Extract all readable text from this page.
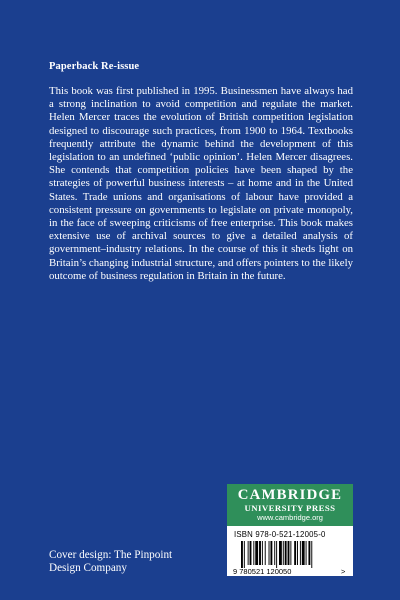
Paperback Re-issue
This book was first published in 1995. Businessmen have always had a strong inclination to avoid competition and regulate the market. Helen Mercer traces the evolution of British competition legislation designed to discourage such practices, from 1900 to 1964. Textbooks frequently attribute the dynamic behind the development of this legislation to an undefined ‘public opinion’. Helen Mercer disagrees. She contends that competition policies have been shaped by the strategies of powerful business interests – at home and in the United States. Trade unions and organisations of labour have provided a consistent pressure on governments to legislate on private monopoly, in the face of sweeping criticisms of free enterprise. This book makes extensive use of archival sources to give a detailed analysis of government–industry relations. In the course of this it sheds light on Britain’s changing industrial structure, and offers pointers to the likely outcome of business regulation in Britain in the future.
CAMBRIDGE
UNIVERSITY PRESS
www.cambridge.org
ISBN 978-0-521-12005-0
9 780521 120050	>
Cover design: The Pinpoint Design Company
